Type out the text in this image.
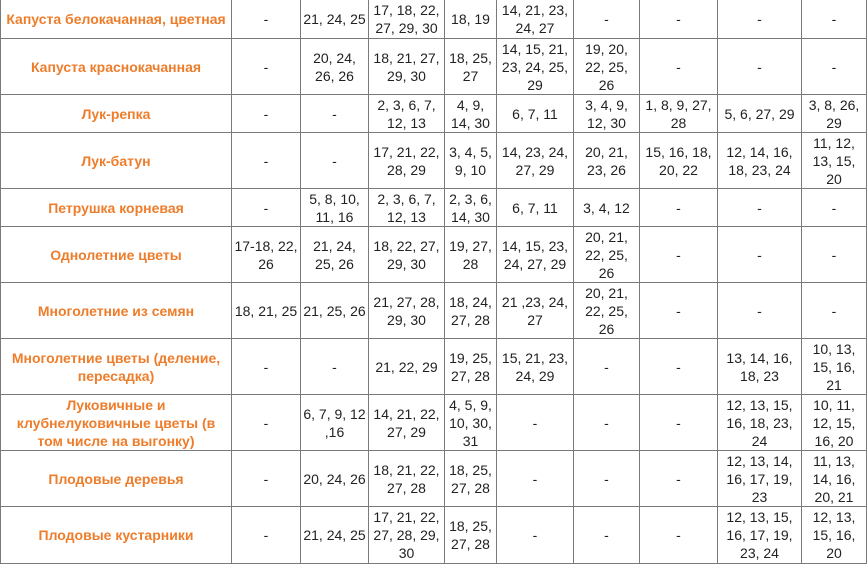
Капуста белокачанная, цветная	-	21, 24, 25	17, 18, 22, 27, 29, 30	18, 19	14, 21, 23, 24, 27	-	-	-	-
Капуста краснокачанная	-	20, 24, 26, 26	18, 21, 27, 29, 30	18, 25, 27	14, 15, 21, 23, 24, 25, 29	19, 20, 22, 25, 26	-	-	-
Лук-репка	-	-	2, 3, 6, 7, 12, 13	4, 9, 14, 30	6, 7, 11	3, 4, 9, 12, 30	1, 8, 9, 27, 28	5, 6, 27, 29	3, 8, 26, 29
Лук-батун	-	-	17, 21, 22, 28, 29	3, 4, 5, 9, 10	14, 23, 24, 27, 29	20, 21, 23, 26	15, 16, 18, 20, 22	12, 14, 16, 18, 23, 24	11, 12, 13, 15, 20
Петрушка корневая	-	5, 8, 10, 11, 16	2, 3, 6, 7, 12, 13	2, 3, 6, 14, 30	6, 7, 11	3, 4, 12	-	-	-
Однолетние цветы	17-18, 22, 26	21, 24, 25, 26	18, 22, 27, 29, 30	19, 27, 28	14, 15, 23, 24, 27, 29	20, 21, 22, 25, 26	-	-	-
Многолетние из семян	18, 21, 25	21, 25, 26	21, 27, 28, 29, 30	18, 24, 27, 28	21 ,23, 24, 27	20, 21, 22, 25, 26	-	-	-
Многолетние цветы (деление, пересадка)	-	-	21, 22, 29	19, 25, 27, 28	15, 21, 23, 24, 29	-	-	13, 14, 16, 18, 23	10, 13, 15, 16, 21
Луковичные и клубнелуковичные цветы (в том числе на выгонку)	-	6, 7, 9, 12 ,16	14, 21, 22, 27, 29	4, 5, 9, 10, 30, 31	-	-	-	12, 13, 15, 16, 18, 23, 24	10, 11, 12, 15, 16, 20
Плодовые деревья	-	20, 24, 26	18, 21, 22, 27, 28	18, 25, 27, 28	-	-	-	12, 13, 14, 16, 17, 19, 23	11, 13, 14, 16, 20, 21
Плодовые кустарники	-	21, 24, 25	17, 21, 22, 27, 28, 29, 30	18, 25, 27, 28	-	-	-	12, 13, 15, 16, 17, 19, 23, 24	12, 13, 15, 16, 20
